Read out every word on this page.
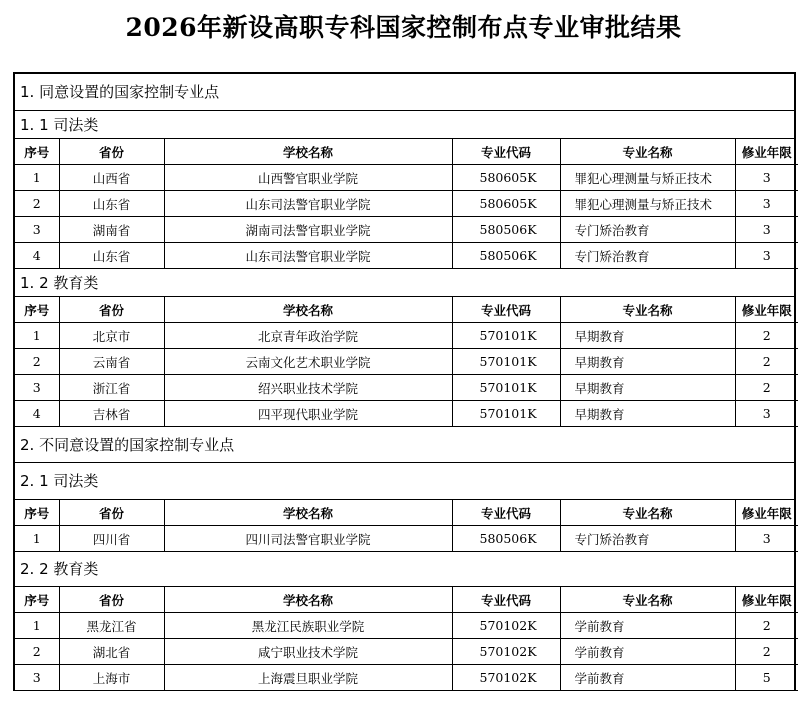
2026年新设高职专科国家控制布点专业审批结果
1. 同意设置的国家控制专业点
1. 1 司法类
序号	省份	学校名称	专业代码	专业名称	修业年限
1	山西省	山西警官职业学院	580605K	罪犯心理测量与矫正技术	3
2	山东省	山东司法警官职业学院	580605K	罪犯心理测量与矫正技术	3
3	湖南省	湖南司法警官职业学院	580506K	专门矫治教育	3
4	山东省	山东司法警官职业学院	580506K	专门矫治教育	3
1. 2 教育类
序号	省份	学校名称	专业代码	专业名称	修业年限
1	北京市	北京青年政治学院	570101K	早期教育	2
2	云南省	云南文化艺术职业学院	570101K	早期教育	2
3	浙江省	绍兴职业技术学院	570101K	早期教育	2
4	吉林省	四平现代职业学院	570101K	早期教育	3
2. 不同意设置的国家控制专业点
2. 1 司法类
序号	省份	学校名称	专业代码	专业名称	修业年限
1	四川省	四川司法警官职业学院	580506K	专门矫治教育	3
2. 2 教育类
序号	省份	学校名称	专业代码	专业名称	修业年限
1	黑龙江省	黑龙江民族职业学院	570102K	学前教育	2
2	湖北省	咸宁职业技术学院	570102K	学前教育	2
3	上海市	上海震旦职业学院	570102K	学前教育	5
